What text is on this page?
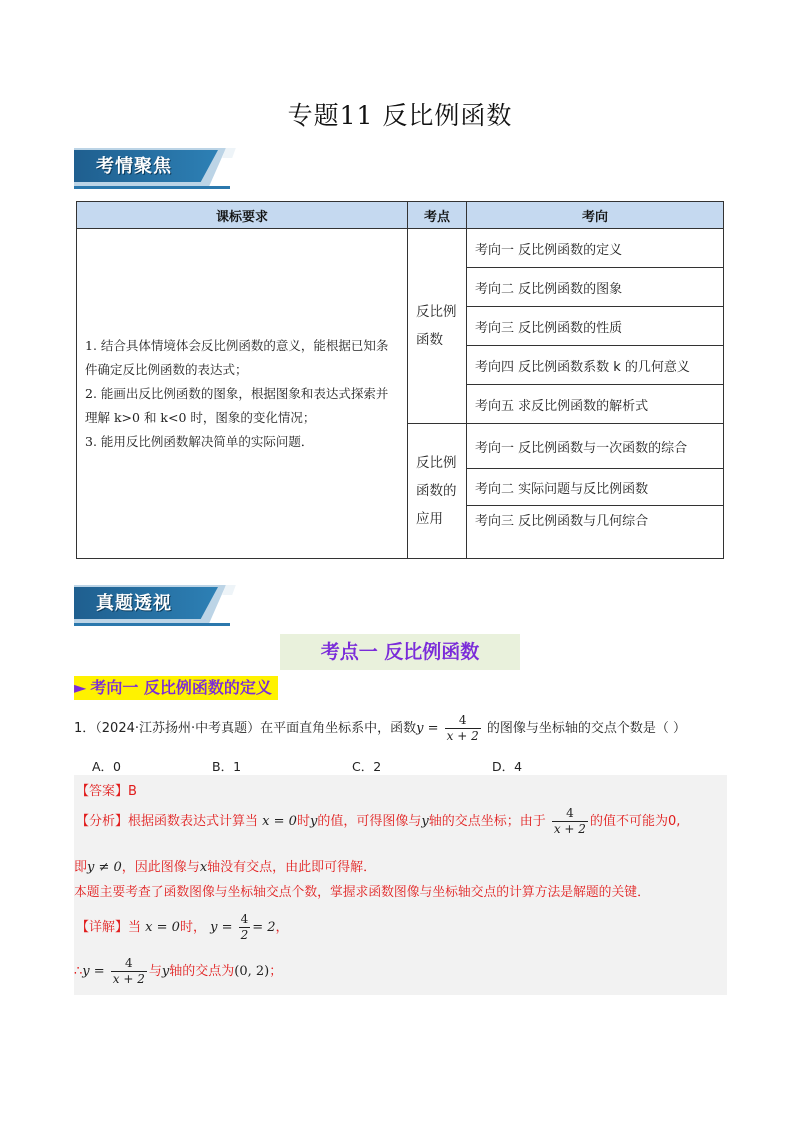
专题11 反比例函数
考情聚焦
课标要求	考点	考向

1. 结合具体情境体会反比例函数的意义，能根据已知条件确定反比例函数的表达式；
2. 能画出反比例函数的图象，根据图象和表达式探索并理解 k>0 和 k<0 时，图象的变化情况；
3. 能用反比例函数解决简单的实际问题．	反比例函数	考向一 反比例函数的定义
		考向二 反比例函数的图象
		考向三 反比例函数的性质
		考向四 反比例函数系数 k 的几何意义
		考向五 求反比例函数的解析式
	反比例函数的应用	考向一 反比例函数与一次函数的综合
		考向二 实际问题与反比例函数
		考向三 反比例函数与几何综合
真题透视
考点一 反比例函数
► 考向一 反比例函数的定义
1．（2024·江苏扬州·中考真题）在平面直角坐标系中，函数$y = \frac{4}{x + 2}$ 的图像与坐标轴的交点个数是（ ）
A．0	B．1	C．2	D．4
【答案】B
【分析】根据函数表达式计算当 x = 0时y的值，可得图像与y轴的交点坐标；由于 $\frac{4}{x + 2}$ 的值不可能为0,
即y ≠ 0，因此图像与x轴没有交点，由此即可得解．
本题主要考查了函数图像与坐标轴交点个数，掌握求函数图像与坐标轴交点的计算方法是解题的关键．
【详解】当 x = 0时， $y = \frac{4}{2} = 2$，
∴y = $\frac{4}{x + 2}$ 与y轴的交点为(0, 2)；
